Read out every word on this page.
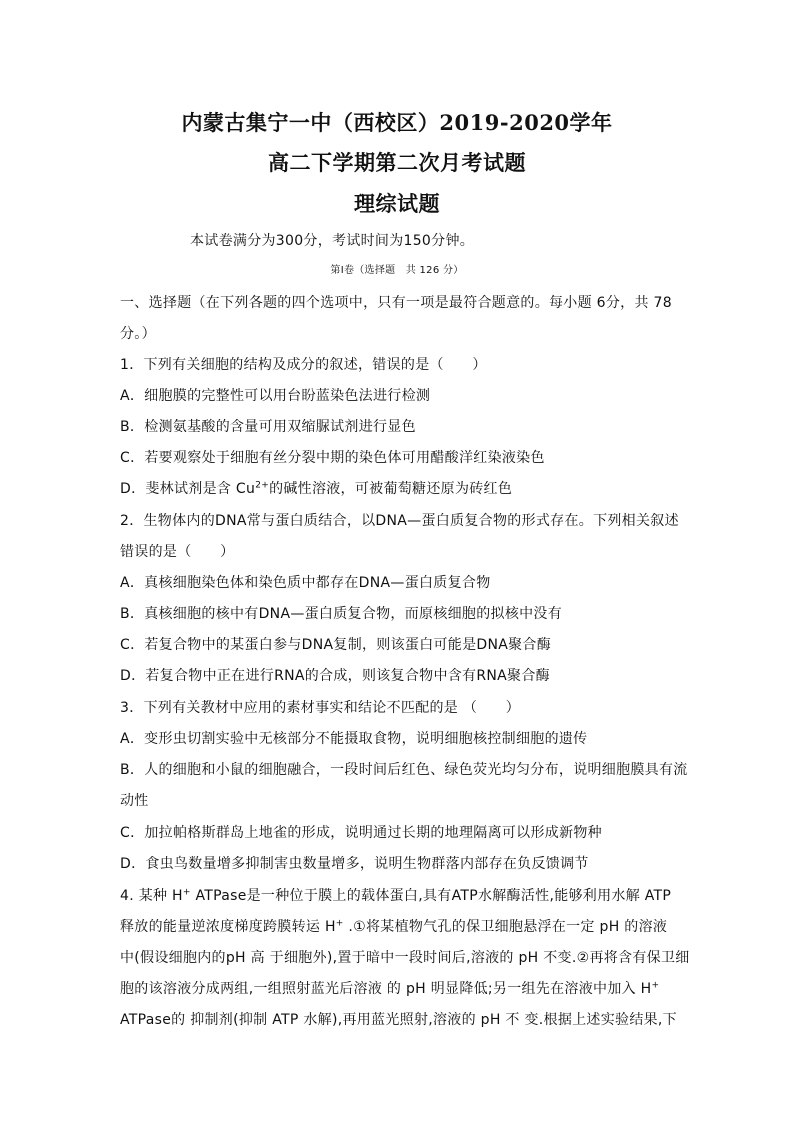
内蒙古集宁一中（西校区）2019-2020学年
高二下学期第二次月考试题
理综试题
本试卷满分为300分，考试时间为150分钟。
第Ⅰ卷（选择题　共 126 分）
一、选择题（在下列各题的四个选项中，只有一项是最符合题意的。每小题 6分，共 78
分。）
1．下列有关细胞的结构及成分的叙述，错误的是（　　）
A．细胞膜的完整性可以用台盼蓝染色法进行检测
B．检测氨基酸的含量可用双缩脲试剂进行显色
C．若要观察处于细胞有丝分裂中期的染色体可用醋酸洋红染液染色
D．斐林试剂是含 $Cu^{2+}$的碱性溶液，可被葡萄糖还原为砖红色
2．生物体内的DNA常与蛋白质结合，以DNA—蛋白质复合物的形式存在。下列相关叙述
错误的是（　　）
A．真核细胞染色体和染色质中都存在DNA—蛋白质复合物
B．真核细胞的核中有DNA—蛋白质复合物，而原核细胞的拟核中没有
C．若复合物中的某蛋白参与DNA复制，则该蛋白可能是DNA聚合酶
D．若复合物中正在进行RNA的合成，则该复合物中含有RNA聚合酶
3．下列有关教材中应用的素材事实和结论不匹配的是 （　　）
A．变形虫切割实验中无核部分不能摄取食物，说明细胞核控制细胞的遗传
B．人的细胞和小鼠的细胞融合，一段时间后红色、绿色荧光均匀分布，说明细胞膜具有流
动性
C．加拉帕格斯群岛上地雀的形成，说明通过长期的地理隔离可以形成新物种
D．食虫鸟数量增多抑制害虫数量增多，说明生物群落内部存在负反馈调节
4. 某种 H+ ATPase是一种位于膜上的载体蛋白,具有ATP水解酶活性,能够利用水解 ATP
释放的能量逆浓度梯度跨膜转运 H+ .①将某植物气孔的保卫细胞悬浮在一定 pH 的溶液
中(假设细胞内的pH 高 于细胞外),置于暗中一段时间后,溶液的 pH 不变.②再将含有保卫细
胞的该溶液分成两组,一组照射蓝光后溶液 的 pH 明显降低;另一组先在溶液中加入 H+
ATPase的 抑制剂(抑制 ATP 水解),再用蓝光照射,溶液的 pH 不 变.根据上述实验结果,下
